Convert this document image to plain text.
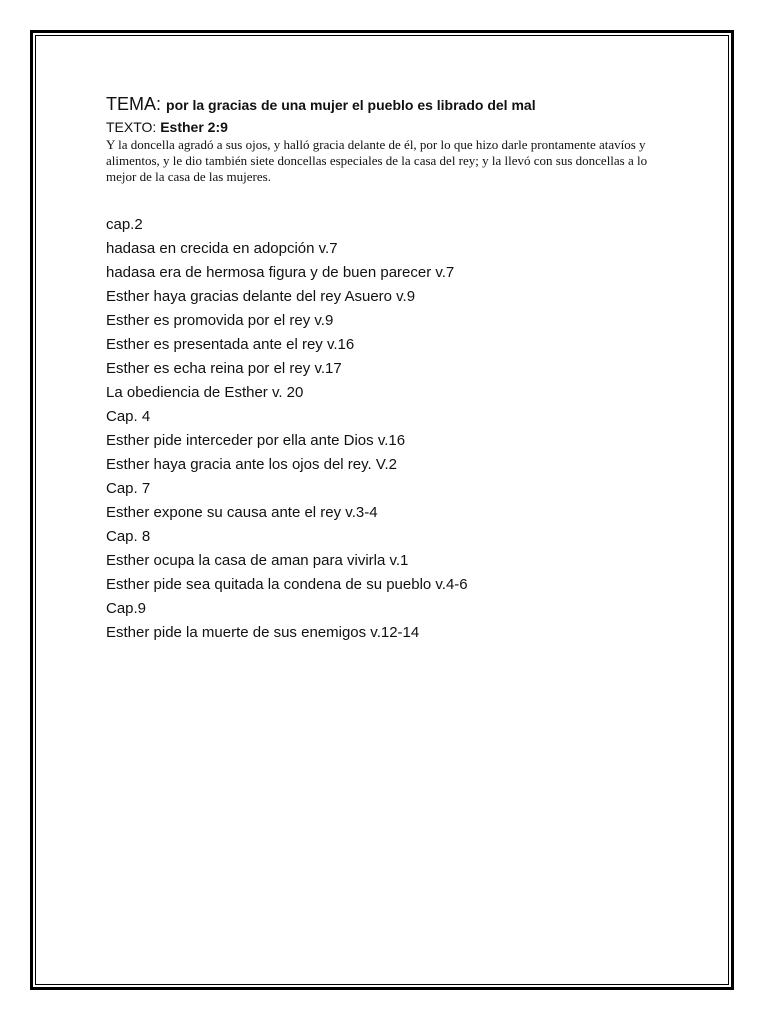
TEMA: por la gracias de una mujer el pueblo es librado del mal

TEXTO: Esther 2:9

Y la doncella agradó a sus ojos, y halló gracia delante de él, por lo que hizo darle prontamente atavíos y alimentos, y le dio también siete doncellas especiales de la casa del rey; y la llevó con sus doncellas a lo mejor de la casa de las mujeres.

cap.2
hadasa en crecida en adopción v.7
hadasa era de hermosa figura y de buen parecer v.7
Esther haya gracias delante del rey Asuero v.9
Esther es promovida por el rey v.9
Esther es presentada ante el rey v.16
Esther es echa reina por el rey v.17
La obediencia de Esther v. 20
Cap. 4
Esther pide interceder por ella ante Dios v.16
Esther haya gracia ante los ojos del rey. V.2
Cap. 7
Esther expone su causa ante el rey v.3-4
Cap. 8
Esther ocupa la casa de aman para vivirla v.1
Esther pide sea quitada la condena de su pueblo v.4-6
Cap.9
Esther pide la muerte de sus enemigos v.12-14
